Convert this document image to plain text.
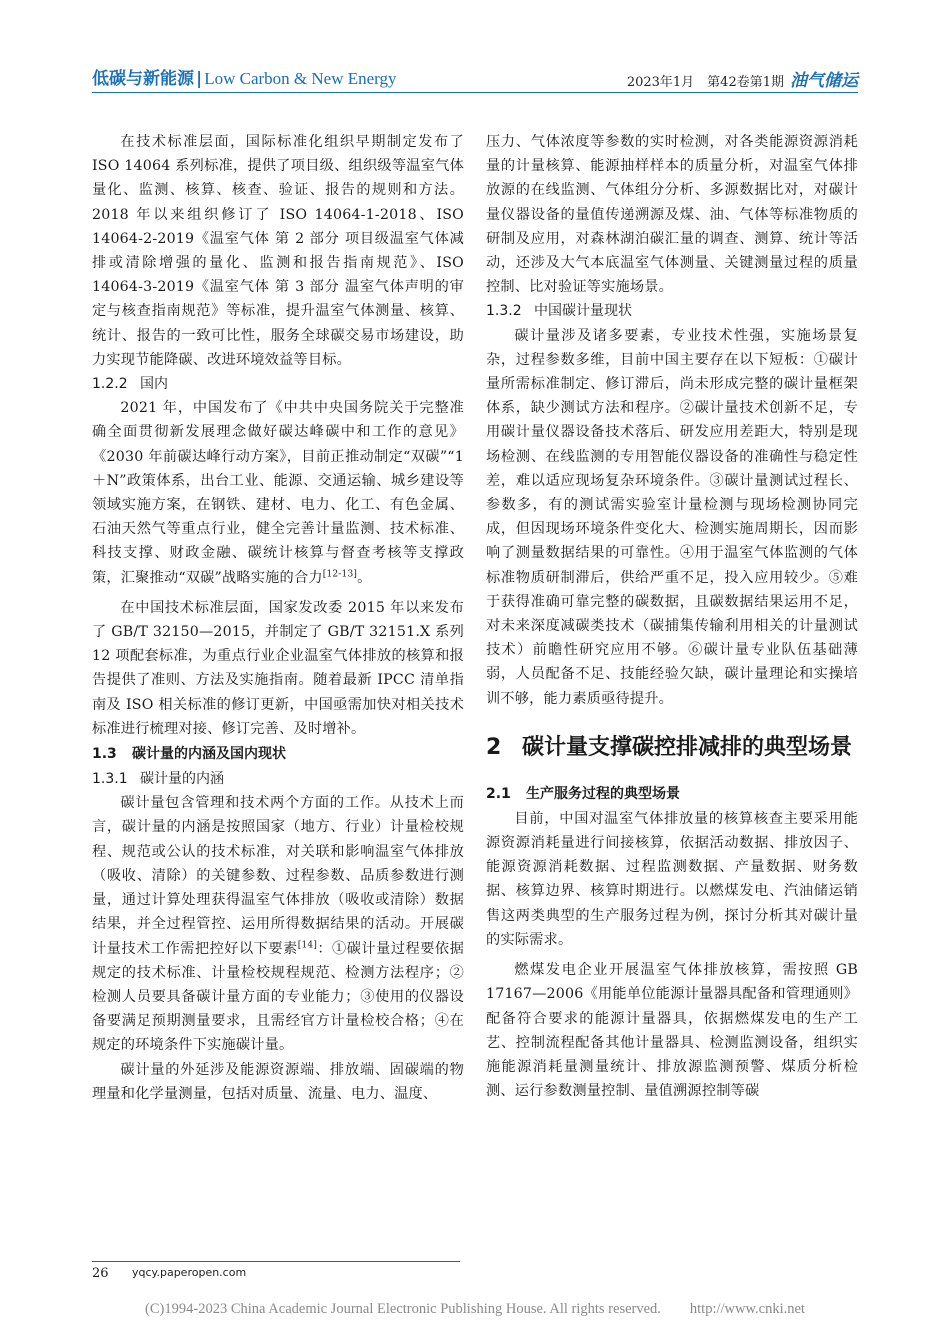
低碳与新能源 | Low Carbon & New Energy	2023年1月　第42卷第1期 油气储运

在技术标准层面，国际标准化组织早期制定发布了 ISO 14064 系列标准，提供了项目级、组织级等温室气体量化、监测、核算、核查、验证、报告的规则和方法。2018 年以来组织修订了 ISO 14064-1-2018、ISO 14064-2-2019《温室气体 第 2 部分 项目级温室气体减排或清除增强的量化、监测和报告指南规范》、ISO 14064-3-2019《温室气体 第 3 部分 温室气体声明的审定与核查指南规范》等标准，提升温室气体测量、核算、统计、报告的一致可比性，服务全球碳交易市场建设，助力实现节能降碳、改进环境效益等目标。

1.2.2 国内

2021 年，中国发布了《中共中央国务院关于完整准确全面贯彻新发展理念做好碳达峰碳中和工作的意见》《2030 年前碳达峰行动方案》，目前正推动制定“双碳”“1＋N”政策体系，出台工业、能源、交通运输、城乡建设等领域实施方案，在钢铁、建材、电力、化工、有色金属、石油天然气等重点行业，健全完善计量监测、技术标准、科技支撑、财政金融、碳统计核算与督查考核等支撑政策，汇聚推动“双碳”战略实施的合力[12-13]。

在中国技术标准层面，国家发改委 2015 年以来发布了 GB/T 32150—2015，并制定了 GB/T 32151.X 系列 12 项配套标准，为重点行业企业温室气体排放的核算和报告提供了准则、方法及实施指南。随着最新 IPCC 清单指南及 ISO 相关标准的修订更新，中国亟需加快对相关技术标准进行梳理对接、修订完善、及时增补。

1.3 碳计量的内涵及国内现状

1.3.1 碳计量的内涵

碳计量包含管理和技术两个方面的工作。从技术上而言，碳计量的内涵是按照国家（地方、行业）计量检校规程、规范或公认的技术标准，对关联和影响温室气体排放（吸收、清除）的关键参数、过程参数、品质参数进行测量，通过计算处理获得温室气体排放（吸收或清除）数据结果，并全过程管控、运用所得数据结果的活动。开展碳计量技术工作需把控好以下要素[14]：①碳计量过程要依据规定的技术标准、计量检校规程规范、检测方法程序；②检测人员要具备碳计量方面的专业能力；③使用的仪器设备要满足预期测量要求，且需经官方计量检校合格；④在规定的环境条件下实施碳计量。

碳计量的外延涉及能源资源端、排放端、固碳端的物理量和化学量测量，包括对质量、流量、电力、温度、

压力、气体浓度等参数的实时检测，对各类能源资源消耗量的计量核算、能源抽样样本的质量分析，对温室气体排放源的在线监测、气体组分分析、多源数据比对，对碳计量仪器设备的量值传递溯源及煤、油、气体等标准物质的研制及应用，对森林湖泊碳汇量的调查、测算、统计等活动，还涉及大气本底温室气体测量、关键测量过程的质量控制、比对验证等实施场景。

1.3.2 中国碳计量现状

碳计量涉及诸多要素，专业技术性强，实施场景复杂，过程参数多维，目前中国主要存在以下短板：①碳计量所需标准制定、修订滞后，尚未形成完整的碳计量框架体系，缺少测试方法和程序。②碳计量技术创新不足，专用碳计量仪器设备技术落后、研发应用差距大，特别是现场检测、在线监测的专用智能仪器设备的准确性与稳定性差，难以适应现场复杂环境条件。③碳计量测试过程长、参数多，有的测试需实验室计量检测与现场检测协同完成，但因现场环境条件变化大、检测实施周期长，因而影响了测量数据结果的可靠性。④用于温室气体监测的气体标准物质研制滞后，供给严重不足，投入应用较少。⑤难于获得准确可靠完整的碳数据，且碳数据结果运用不足，对未来深度减碳类技术（碳捕集传输利用相关的计量测试技术）前瞻性研究应用不够。⑥碳计量专业队伍基础薄弱，人员配备不足、技能经验欠缺，碳计量理论和实操培训不够，能力素质亟待提升。

2 碳计量支撑碳控排减排的典型场景

2.1 生产服务过程的典型场景

目前，中国对温室气体排放量的核算核查主要采用能源资源消耗量进行间接核算，依据活动数据、排放因子、能源资源消耗数据、过程监测数据、产量数据、财务数据、核算边界、核算时期进行。以燃煤发电、汽油储运销售这两类典型的生产服务过程为例，探讨分析其对碳计量的实际需求。

燃煤发电企业开展温室气体排放核算，需按照 GB 17167—2006《用能单位能源计量器具配备和管理通则》配备符合要求的能源计量器具，依据燃煤发电的生产工艺、控制流程配备其他计量器具、检测监测设备，组织实施能源消耗量测量统计、排放源监测预警、煤质分析检测、运行参数测量控制、量值溯源控制等碳

26 yqcy.paperopen.com
(C)1994-2023 China Academic Journal Electronic Publishing House. All rights reserved.　　http://www.cnki.net
